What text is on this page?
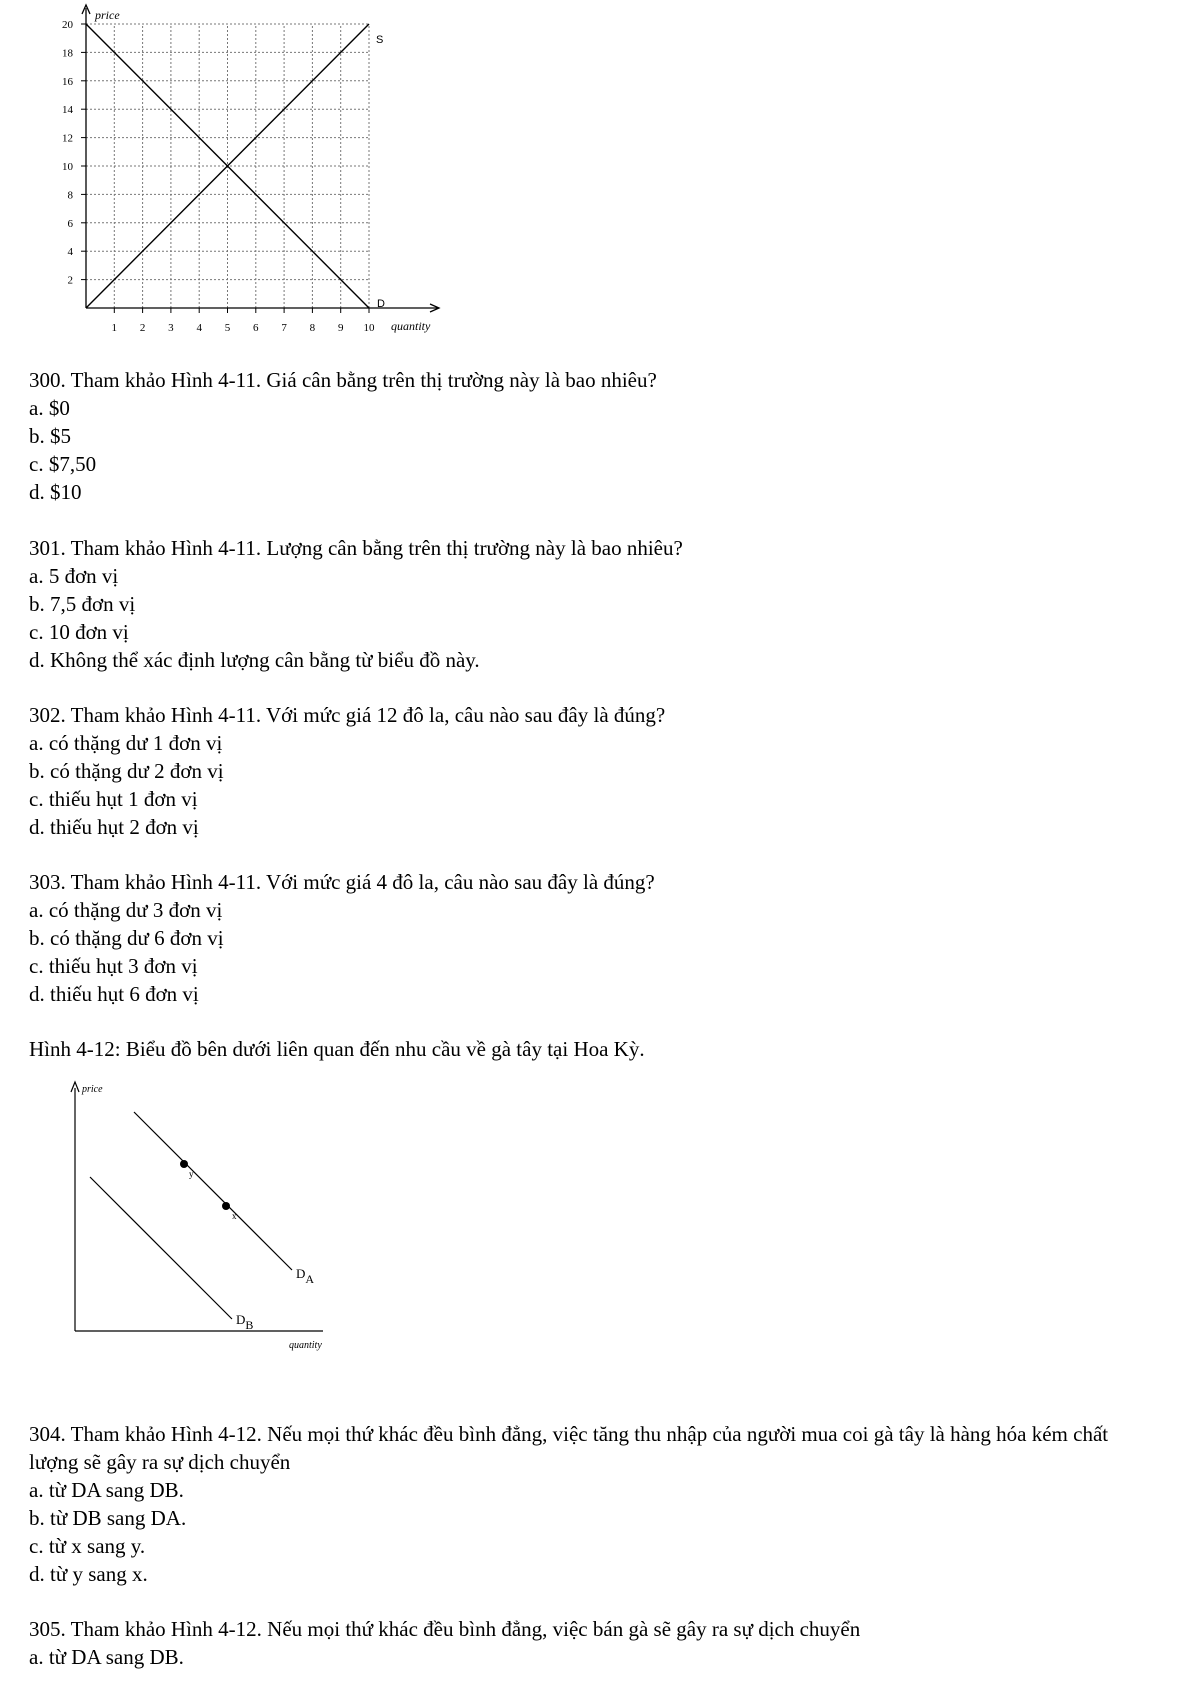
20
18
16
14
12
10
8
6
4
2
1 2 3 4 5 6 7 8 9 10
price
quantity
S
D
300. Tham khảo Hình 4-11. Giá cân bằng trên thị trường này là bao nhiêu?
a. $0
b. $5
c. $7,50
d. $10
301. Tham khảo Hình 4-11. Lượng cân bằng trên thị trường này là bao nhiêu?
a. 5 đơn vị
b. 7,5 đơn vị
c. 10 đơn vị
d. Không thể xác định lượng cân bằng từ biểu đồ này.
302. Tham khảo Hình 4-11. Với mức giá 12 đô la, câu nào sau đây là đúng?
a. có thặng dư 1 đơn vị
b. có thặng dư 2 đơn vị
c. thiếu hụt 1 đơn vị
d. thiếu hụt 2 đơn vị
303. Tham khảo Hình 4-11. Với mức giá 4 đô la, câu nào sau đây là đúng?
a. có thặng dư 3 đơn vị
b. có thặng dư 6 đơn vị
c. thiếu hụt 3 đơn vị
d. thiếu hụt 6 đơn vị
Hình 4-12: Biểu đồ bên dưới liên quan đến nhu cầu về gà tây tại Hoa Kỳ.
price
quantity
y
x
DA
DB
304. Tham khảo Hình 4-12. Nếu mọi thứ khác đều bình đẳng, việc tăng thu nhập của người mua coi gà tây là hàng hóa kém chất lượng sẽ gây ra sự dịch chuyển
a. từ DA sang DB.
b. từ DB sang DA.
c. từ x sang y.
d. từ y sang x.
305. Tham khảo Hình 4-12. Nếu mọi thứ khác đều bình đẳng, việc bán gà sẽ gây ra sự dịch chuyển
a. từ DA sang DB.
